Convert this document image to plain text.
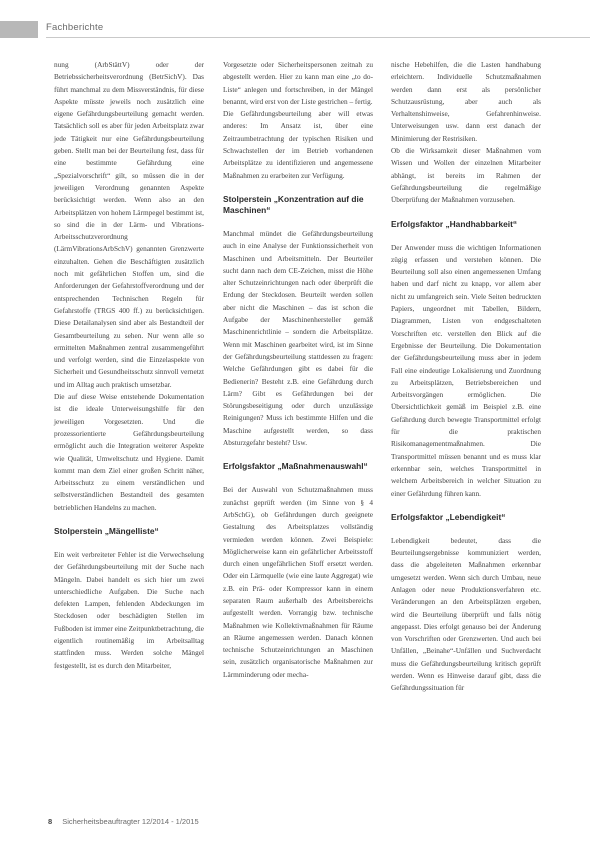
Fachberichte

nung (ArbStättV) oder der Betriebssicherheitsverordnung (BetrSichV). Das führt manchmal zu dem Missverständnis, für diese Aspekte müsste jeweils noch zusätzlich eine eigene Gefährdungsbeurteilung gemacht werden. Tatsächlich soll es aber für jeden Arbeitsplatz zwar jede Tätigkeit nur eine Gefährdungsbeurteilung geben. Stellt man bei der Beurteilung fest, dass für eine bestimmte Gefährdung eine „Spezialvorschrift“ gilt, so müssen die in der jeweiligen Verordnung genannten Aspekte berücksichtigt werden. Wenn also an den Arbeitsplätzen von hohem Lärmpegel bestimmt ist, so sind die in der Lärm- und Vibrations-Arbeitsschutzverordnung (LärmVibrationsArbSchV) genannten Grenzwerte einzuhalten. Gehen die Beschäftigten zusätzlich noch mit gefährlichen Stoffen um, sind die Anforderungen der Gefahrstoffverordnung und der entsprechenden Technischen Regeln für Gefahrstoffe (TRGS 400 ff.) zu berücksichtigen. Diese Detailanalysen sind aber als Bestandteil der Gesamtbeurteilung zu sehen. Nur wenn alle so ermittelten Maßnahmen zentral zusammengeführt und verfolgt werden, sind die Einzelaspekte von Sicherheit und Gesundheitsschutz sinnvoll vernetzt und im Alltag auch praktisch umsetzbar.

Die auf diese Weise entstehende Dokumentation ist die ideale Unterweisungshilfe für den jeweiligen Vorgesetzten. Und die prozessorientierte Gefährdungsbeurteilung ermöglicht auch die Integration weiterer Aspekte wie Qualität, Umweltschutz und Hygiene. Damit kommt man dem Ziel einer großen Schritt näher, Arbeitsschutz zu einem verständlichen und selbstverständlichen Bestandteil des gesamten betrieblichen Handelns zu machen.

Stolperstein „Mängelliste“

Ein weit verbreiteter Fehler ist die Verwechselung der Gefährdungsbeurteilung mit der Suche nach Mängeln. Dabei handelt es sich hier um zwei unterschiedliche Aufgaben. Die Suche nach defekten Lampen, fehlenden Abdeckungen im Steckdosen oder beschädigten Stellen im Fußboden ist immer eine Zeitpunktbetrachtung, die eigentlich routinemäßig im Arbeitsalltag stattfinden muss. Werden solche Mängel festgestellt, ist es durch den Mitarbeiter,

Vorgesetzte oder Sicherheitspersonen zeitnah zu abgestellt werden. Hier zu kann man eine „to do-Liste“ anlegen und fortschreiben, in der Mängel benannt, wird erst von der Liste gestrichen – fertig.

Die Gefährdungsbeurteilung aber will etwas anderes: Im Ansatz ist, über eine Zeitraumbetrachtung der typischen Risiken und Schwachstellen der im Betrieb vorhandenen Arbeitsplätze zu identifizieren und angemessene Maßnahmen zu erarbeiten zur Verfügung.

Stolperstein „Konzentration auf die Maschinen“

Manchmal mündet die Gefährdungsbeurteilung auch in eine Analyse der Funktionssicherheit von Maschinen und Arbeitsmitteln. Der Beurteiler sucht dann nach dem CE-Zeichen, misst die Höhe alter Schutzeinrichtungen nach oder überprüft die Erdung der Steckdosen. Beurteilt werden sollen aber nicht die Maschinen – das ist schon die Aufgabe der Maschinenhersteller gemäß Maschinenrichtlinie – sondern die Arbeitsplätze. Wenn mit Maschinen gearbeitet wird, ist im Sinne der Gefährdungsbeurteilung stattdessen zu fragen: Welche Gefährdungen gibt es dabei für die Bedienerin? Besteht z.B. eine Gefährdung durch Lärm? Gibt es Gefährdungen bei der Störungsbeseitigung oder durch unzulässige Reinigungen? Muss ich bestimmte Hilfen und die Maschine aufgestellt werden, so dass Absturzgefahr besteht? Usw.

Erfolgsfaktor „Maßnahmenauswahl“

Bei der Auswahl von Schutzmaßnahmen muss zunächst geprüft werden (im Sinne von § 4 ArbSchG), ob Gefährdungen durch geeignete Gestaltung des Arbeitsplatzes vollständig vermieden werden können. Zwei Beispiele: Möglicherweise kann ein gefährlicher Arbeitsstoff durch einen ungefährlichen Stoff ersetzt werden. Oder ein Lärmquelle (wie eine laute Aggregat) wie z.B. ein Prä- oder Kompressor kann in einem separaten Raum außerhalb des Arbeitsbereichs aufgestellt werden. Vorrangig bzw. technische Maßnahmen wie Kollektivmaßnahmen für Räume an Räume angemessen werden. Danach können technische Schutzeinrichtungen an Maschinen sein, zusätzlich organisatorische Maßnahmen zur Lärmminderung oder mecha-

nische Hebehilfen, die die Lasten handhabung erleichtern. Individuelle Schutzmaßnahmen werden dann erst als persönlicher Schutzausrüstung, aber auch als Verhaltenshinweise, Gefahrenhinweise. Unterweisungen usw. dann erst danach der Minimierung der Restrisiken.

Ob die Wirksamkeit dieser Maßnahmen vom Wissen und Wollen der einzelnen Mitarbeiter abhängt, ist bereits im Rahmen der Gefährdungsbeurteilung die regelmäßige Überprüfung der Maßnahmen vorzusehen.

Erfolgsfaktor „Handhabbarkeit“

Der Anwender muss die wichtigen Informationen zügig erfassen und verstehen können. Die Beurteilung soll also einen angemessenen Umfang haben und darf nicht zu knapp, vor allem aber nicht zu umfangreich sein. Viele Seiten bedruckten Papiers, ungeordnet mit Tabellen, Bildern, Diagrammen, Listen von endgeschalteten Vorschriften etc. verstellen den Blick auf die Ergebnisse der Beurteilung. Die Dokumentation der Gefährdungsbeurteilung muss aber in jedem Fall eine eindeutige Lokalisierung und Zuordnung zu Arbeitsplätzen, Betriebsbereichen und Arbeitsvorgängen ermöglichen. Die Übersichtlichkeit gemäß im Beispiel z.B. eine Gefährdung durch bewegte Transportmittel erfolgt für die praktischen Risikomanagementmaßnahmen. Die Transportmittel müssen benannt und es muss klar erkennbar sein, welches Transportmittel in welchem Arbeitsbereich in welcher Situation zu einer Gefährdung führen kann.

Erfolgsfaktor „Lebendigkeit“

Lebendigkeit bedeutet, dass die Beurteilungsergebnisse kommuniziert werden, dass die abgeleiteten Maßnahmen erkennbar umgesetzt werden. Wenn sich durch Umbau, neue Anlagen oder neue Produktionsverfahren etc. Veränderungen an den Arbeitsplätzen ergeben, wird die Beurteilung überprüft und falls nötig angepasst. Dies erfolgt genauso bei der Änderung von Vorschriften oder Grenzwerten. Und auch bei Unfällen, „Beinahe“-Unfällen und Suchverdacht muss die Gefährdungsbeurteilung kritisch geprüft werden. Wenn es Hinweise darauf gibt, dass die Gefährdungssituation für

8 Sicherheitsbeauftragter 12/2014 - 1/2015
